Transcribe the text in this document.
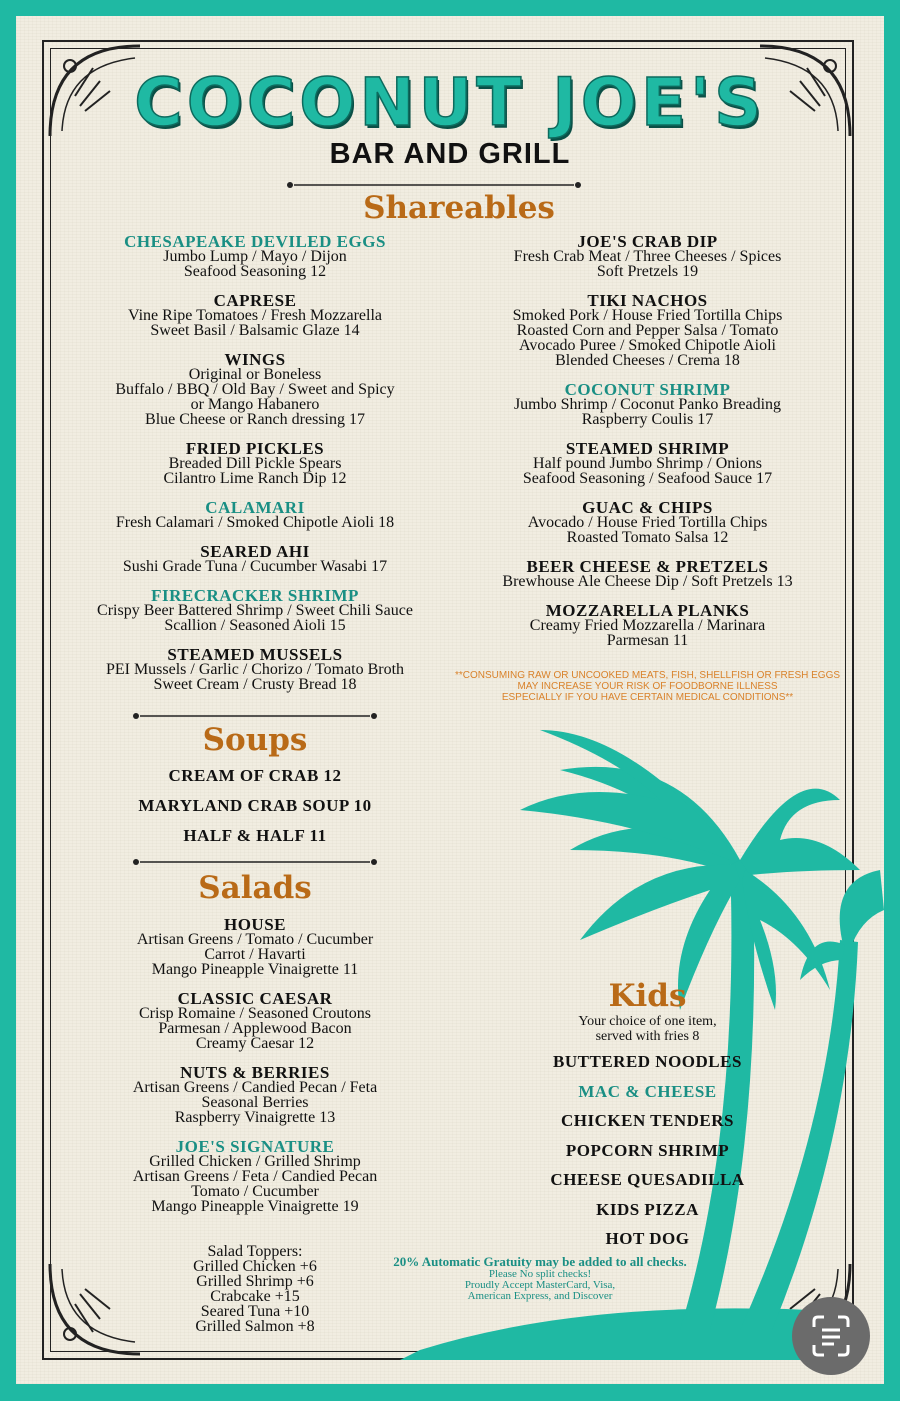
COCONUT JOE'S
BAR AND GRILL
Shareables
CHESAPEAKE DEVILED EGGS
Jumbo Lump / Mayo / Dijon
Seafood Seasoning 12
CAPRESE
Vine Ripe Tomatoes / Fresh Mozzarella
Sweet Basil / Balsamic Glaze 14
WINGS
Original or Boneless
Buffalo / BBQ / Old Bay / Sweet and Spicy
or Mango Habanero
Blue Cheese or Ranch dressing 17
FRIED PICKLES
Breaded Dill Pickle Spears
Cilantro Lime Ranch Dip 12
CALAMARI
Fresh Calamari / Smoked Chipotle Aioli 18
SEARED AHI
Sushi Grade Tuna / Cucumber Wasabi 17
FIRECRACKER SHRIMP
Crispy Beer Battered Shrimp / Sweet Chili Sauce
Scallion / Seasoned Aioli 15
STEAMED MUSSELS
PEI Mussels / Garlic / Chorizo / Tomato Broth
Sweet Cream / Crusty Bread 18
JOE'S CRAB DIP
Fresh Crab Meat / Three Cheeses / Spices
Soft Pretzels 19
TIKI NACHOS
Smoked Pork / House Fried Tortilla Chips
Roasted Corn and Pepper Salsa / Tomato
Avocado Puree / Smoked Chipotle Aioli
Blended Cheeses / Crema 18
COCONUT SHRIMP
Jumbo Shrimp / Coconut Panko Breading
Raspberry Coulis 17
STEAMED SHRIMP
Half pound Jumbo Shrimp / Onions
Seafood Seasoning / Seafood Sauce 17
GUAC & CHIPS
Avocado / House Fried Tortilla Chips
Roasted Tomato Salsa 12
BEER CHEESE & PRETZELS
Brewhouse Ale Cheese Dip / Soft Pretzels 13
MOZZARELLA PLANKS
Creamy Fried Mozzarella / Marinara
Parmesan 11
**CONSUMING RAW OR UNCOOKED MEATS, FISH, SHELLFISH OR FRESH EGGS
MAY INCREASE YOUR RISK OF FOODBORNE ILLNESS
ESPECIALLY IF YOU HAVE CERTAIN MEDICAL CONDITIONS**
Soups
CREAM OF CRAB 12
MARYLAND CRAB SOUP 10
HALF & HALF 11
Salads
HOUSE
Artisan Greens / Tomato / Cucumber
Carrot / Havarti
Mango Pineapple Vinaigrette 11
CLASSIC CAESAR
Crisp Romaine / Seasoned Croutons
Parmesan / Applewood Bacon
Creamy Caesar 12
NUTS & BERRIES
Artisan Greens / Candied Pecan / Feta
Seasonal Berries
Raspberry Vinaigrette 13
JOE'S SIGNATURE
Grilled Chicken / Grilled Shrimp
Artisan Greens / Feta / Candied Pecan
Tomato / Cucumber
Mango Pineapple Vinaigrette 19
Salad Toppers:
Grilled Chicken +6
Grilled Shrimp +6
Crabcake +15
Seared Tuna +10
Grilled Salmon +8
Kids
Your choice of one item,
served with fries 8
BUTTERED NOODLES
MAC & CHEESE
CHICKEN TENDERS
POPCORN SHRIMP
CHEESE QUESADILLA
KIDS PIZZA
HOT DOG
20% Automatic Gratuity may be added to all checks.
Please No split checks!
Proudly Accept MasterCard, Visa,
American Express, and Discover
